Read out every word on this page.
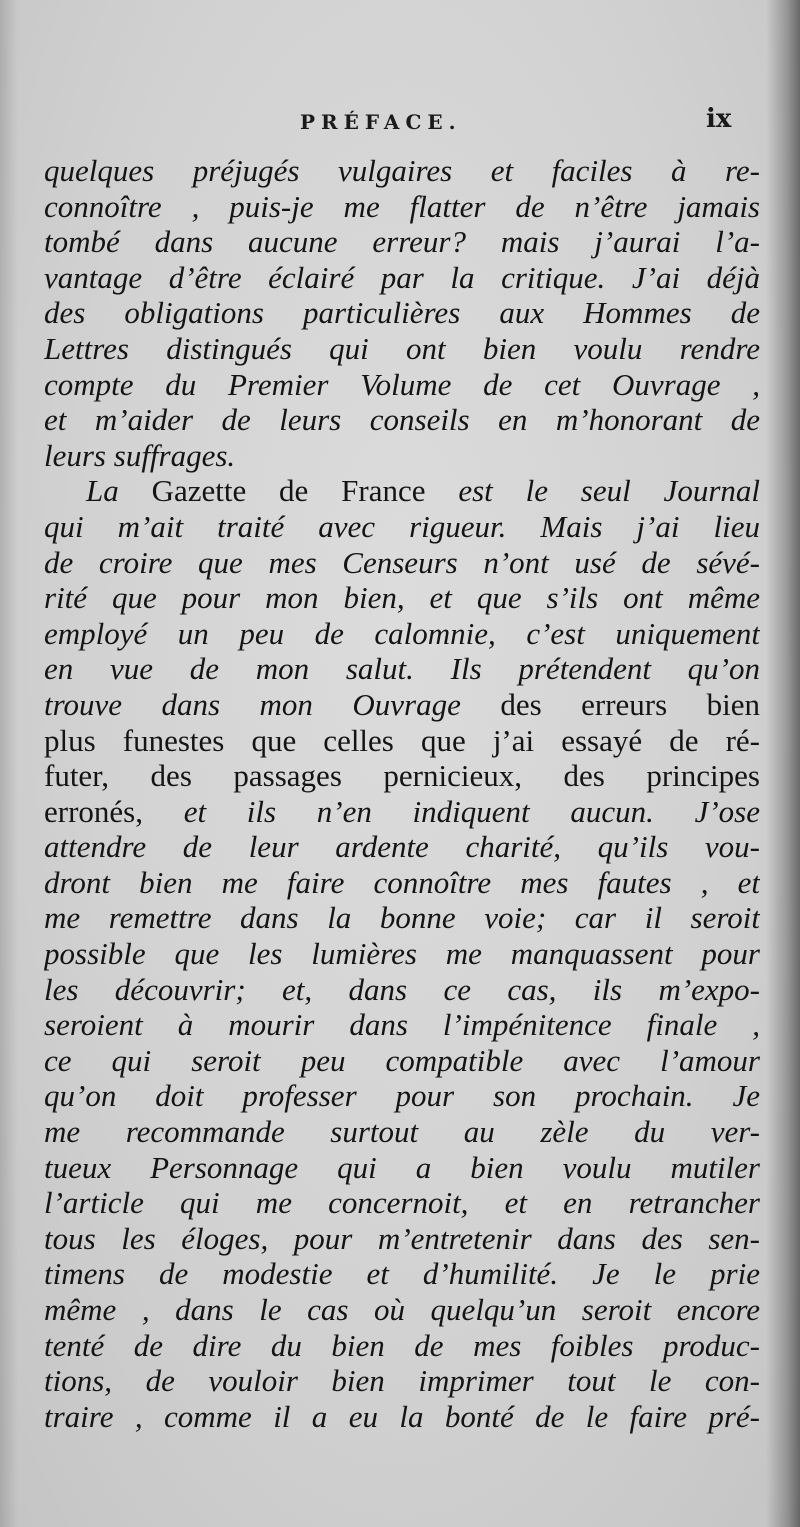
PRÉFACE.	ix
quelques préjugés vulgaires et faciles à re-
connoître , puis-je me flatter de n’être jamais
tombé dans aucune erreur? mais j’aurai l’a-
vantage d’être éclairé par la critique. J’ai déjà
des obligations particulières aux Hommes de
Lettres distingués qui ont bien voulu rendre
compte du Premier Volume de cet Ouvrage ,
et m’aider de leurs conseils en m’honorant de
leurs suffrages.
La Gazette de France est le seul Journal
qui m’ait traité avec rigueur. Mais j’ai lieu
de croire que mes Censeurs n’ont usé de sévé-
rité que pour mon bien, et que s’ils ont même
employé un peu de calomnie, c’est uniquement
en vue de mon salut. Ils prétendent qu’on
trouve dans mon Ouvrage des erreurs bien
plus funestes que celles que j’ai essayé de ré-
futer, des passages pernicieux, des principes
erronés, et ils n’en indiquent aucun. J’ose
attendre de leur ardente charité, qu’ils vou-
dront bien me faire connoître mes fautes , et
me remettre dans la bonne voie; car il seroit
possible que les lumières me manquassent pour
les découvrir; et, dans ce cas, ils m’expo-
seroient à mourir dans l’impénitence finale ,
ce qui seroit peu compatible avec l’amour
qu’on doit professer pour son prochain. Je
me recommande surtout au zèle du ver-
tueux Personnage qui a bien voulu mutiler
l’article qui me concernoit, et en retrancher
tous les éloges, pour m’entretenir dans des sen-
timens de modestie et d’humilité. Je le prie
même , dans le cas où quelqu’un seroit encore
tenté de dire du bien de mes foibles produc-
tions, de vouloir bien imprimer tout le con-
traire , comme il a eu la bonté de le faire pré-
